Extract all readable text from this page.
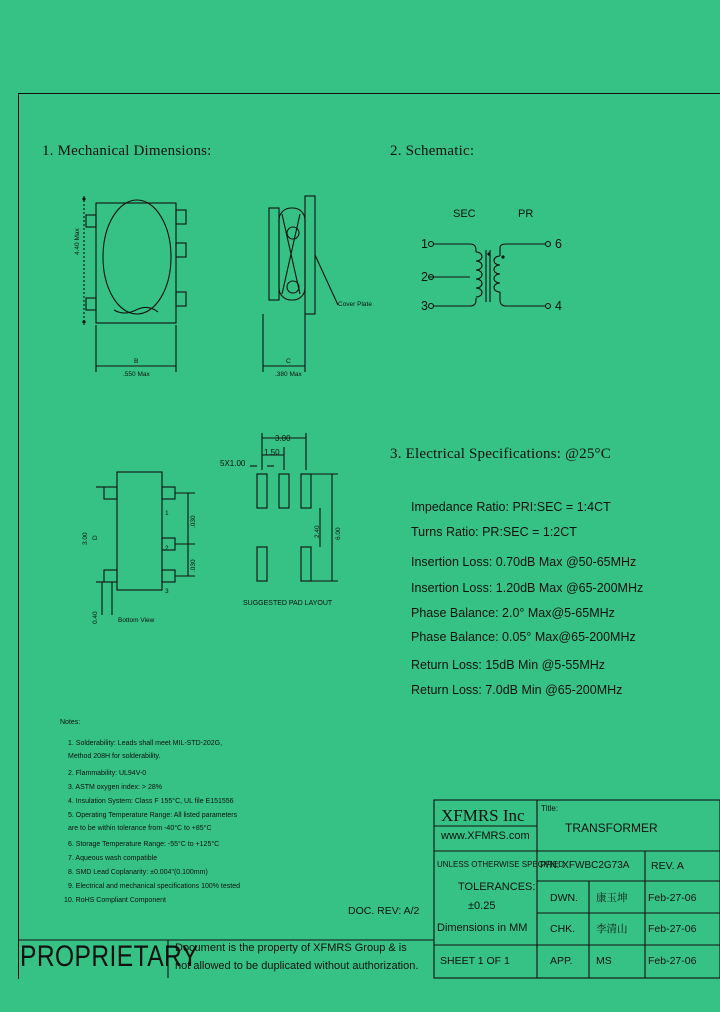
1. Mechanical Dimensions:	2. Schematic:
3. Electrical Specifications: @25°C
4.40 Max
B
.550 Max
C
.380 Max
Cover Plate
Bottom View
D
3.00
.030
.030
0.40
1
2
3
3.00
1.50
5X1.00
2.40 6.00
SUGGESTED PAD LAYOUT
SEC	PR
1
2
3
6
4
Impedance Ratio: PRI:SEC = 1:4CT
Turns Ratio: PR:SEC = 1:2CT
Insertion Loss: 0.70dB Max @50-65MHz
Insertion Loss: 1.20dB Max @65-200MHz
Phase Balance: 2.0° Max@5-65MHz
Phase Balance: 0.05° Max@65-200MHz
Return Loss: 15dB Min @5-55MHz
Return Loss: 7.0dB Min @65-200MHz
Notes:
1. Solderability: Leads shall meet MIL-STD-202G,
Method 208H for solderability.
2. Flammability: UL94V-0
3. ASTM oxygen index: > 28%
4. Insulation System: Class F 155°C, UL file E151556
5. Operating Temperature Range: All listed parameters
are to be within tolerance from -40°C to +85°C
6. Storage Temperature Range: -55°C to +125°C
7. Aqueous wash compatible
8. SMD Lead Coplanarity: ±0.004"(0.100mm)
9. Electrical and mechanical specifications 100% tested
10. RoHS Compliant Component
XFMRS Inc
www.XFMRS.com
Title:
TRANSFORMER
UNLESS OTHERWISE SPECIFIED
TOLERANCES:
±0.25
Dimensions in MM
P/N: XFWBC2G73A REV. A
DWN. 康玉坤 Feb-27-06
CHK. 李清山 Feb-27-06
APP. MS	Feb-27-06
SHEET 1 OF 1
DOC. REV: A/2
PROPRIETARY
Document is the property of XFMRS Group & is
not allowed to be duplicated without authorization.
